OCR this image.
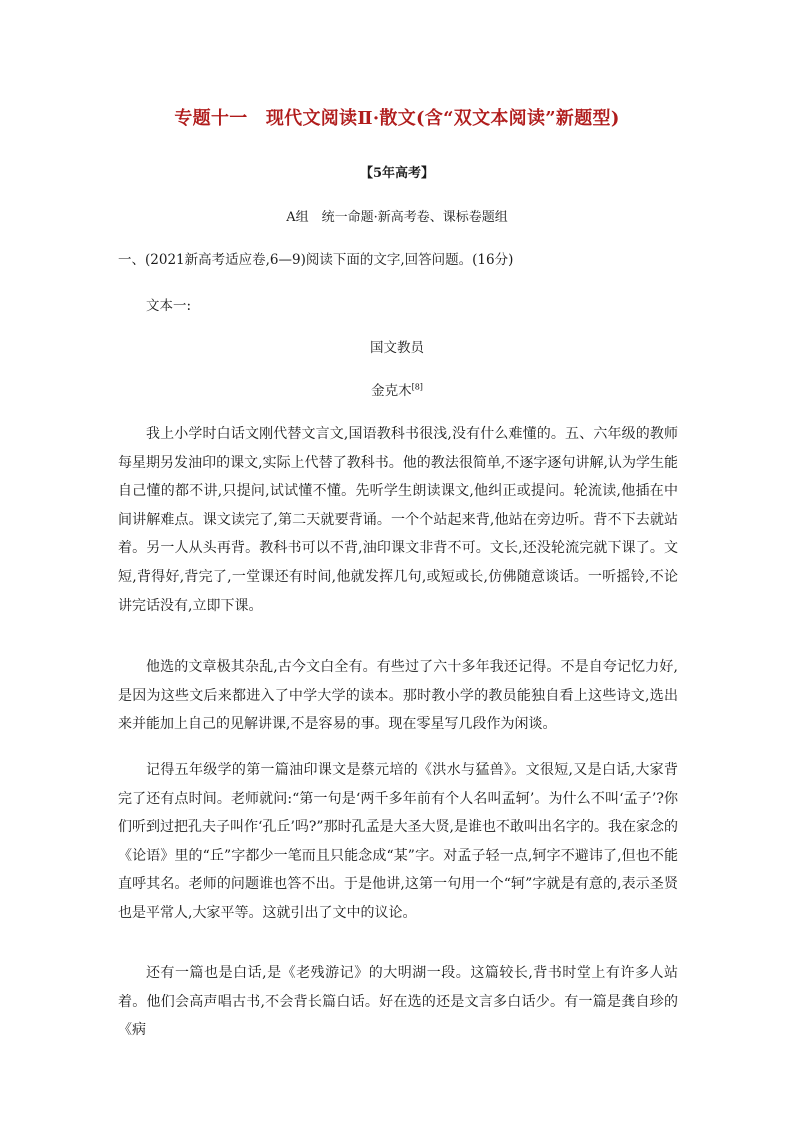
专题十一　现代文阅读Ⅱ·散文(含“双文本阅读”新题型)
【5年高考】
A组　统一命题·新高考卷、课标卷题组
一、(2021新高考适应卷,6—9)阅读下面的文字,回答问题。(16分)
文本一:
国文教员
金克木[8]
我上小学时白话文刚代替文言文,国语教科书很浅,没有什么难懂的。五、六年级的教师每星期另发油印的课文,实际上代替了教科书。他的教法很简单,不逐字逐句讲解,认为学生能自己懂的都不讲,只提问,试试懂不懂。先听学生朗读课文,他纠正或提问。轮流读,他插在中间讲解难点。课文读完了,第二天就要背诵。一个个站起来背,他站在旁边听。背不下去就站着。另一人从头再背。教科书可以不背,油印课文非背不可。文长,还没轮流完就下课了。文短,背得好,背完了,一堂课还有时间,他就发挥几句,或短或长,仿佛随意谈话。一听摇铃,不论讲完话没有,立即下课。
他选的文章极其杂乱,古今文白全有。有些过了六十多年我还记得。不是自夸记忆力好,是因为这些文后来都进入了中学大学的读本。那时教小学的教员能独自看上这些诗文,选出来并能加上自己的见解讲课,不是容易的事。现在零星写几段作为闲谈。
记得五年级学的第一篇油印课文是蔡元培的《洪水与猛兽》。文很短,又是白话,大家背完了还有点时间。老师就问:“第一句是‘两千多年前有个人名叫孟轲’。为什么不叫‘孟子’?你们听到过把孔夫子叫作‘孔丘’吗?”那时孔孟是大圣大贤,是谁也不敢叫出名字的。我在家念的《论语》里的“丘”字都少一笔而且只能念成“某”字。对孟子轻一点,轲字不避讳了,但也不能直呼其名。老师的问题谁也答不出。于是他讲,这第一句用一个“轲”字就是有意的,表示圣贤也是平常人,大家平等。这就引出了文中的议论。
还有一篇也是白话,是《老残游记》的大明湖一段。这篇较长,背书时堂上有许多人站着。他们会高声唱古书,不会背长篇白话。好在选的还是文言多白话少。有一篇是龚自珍的《病
